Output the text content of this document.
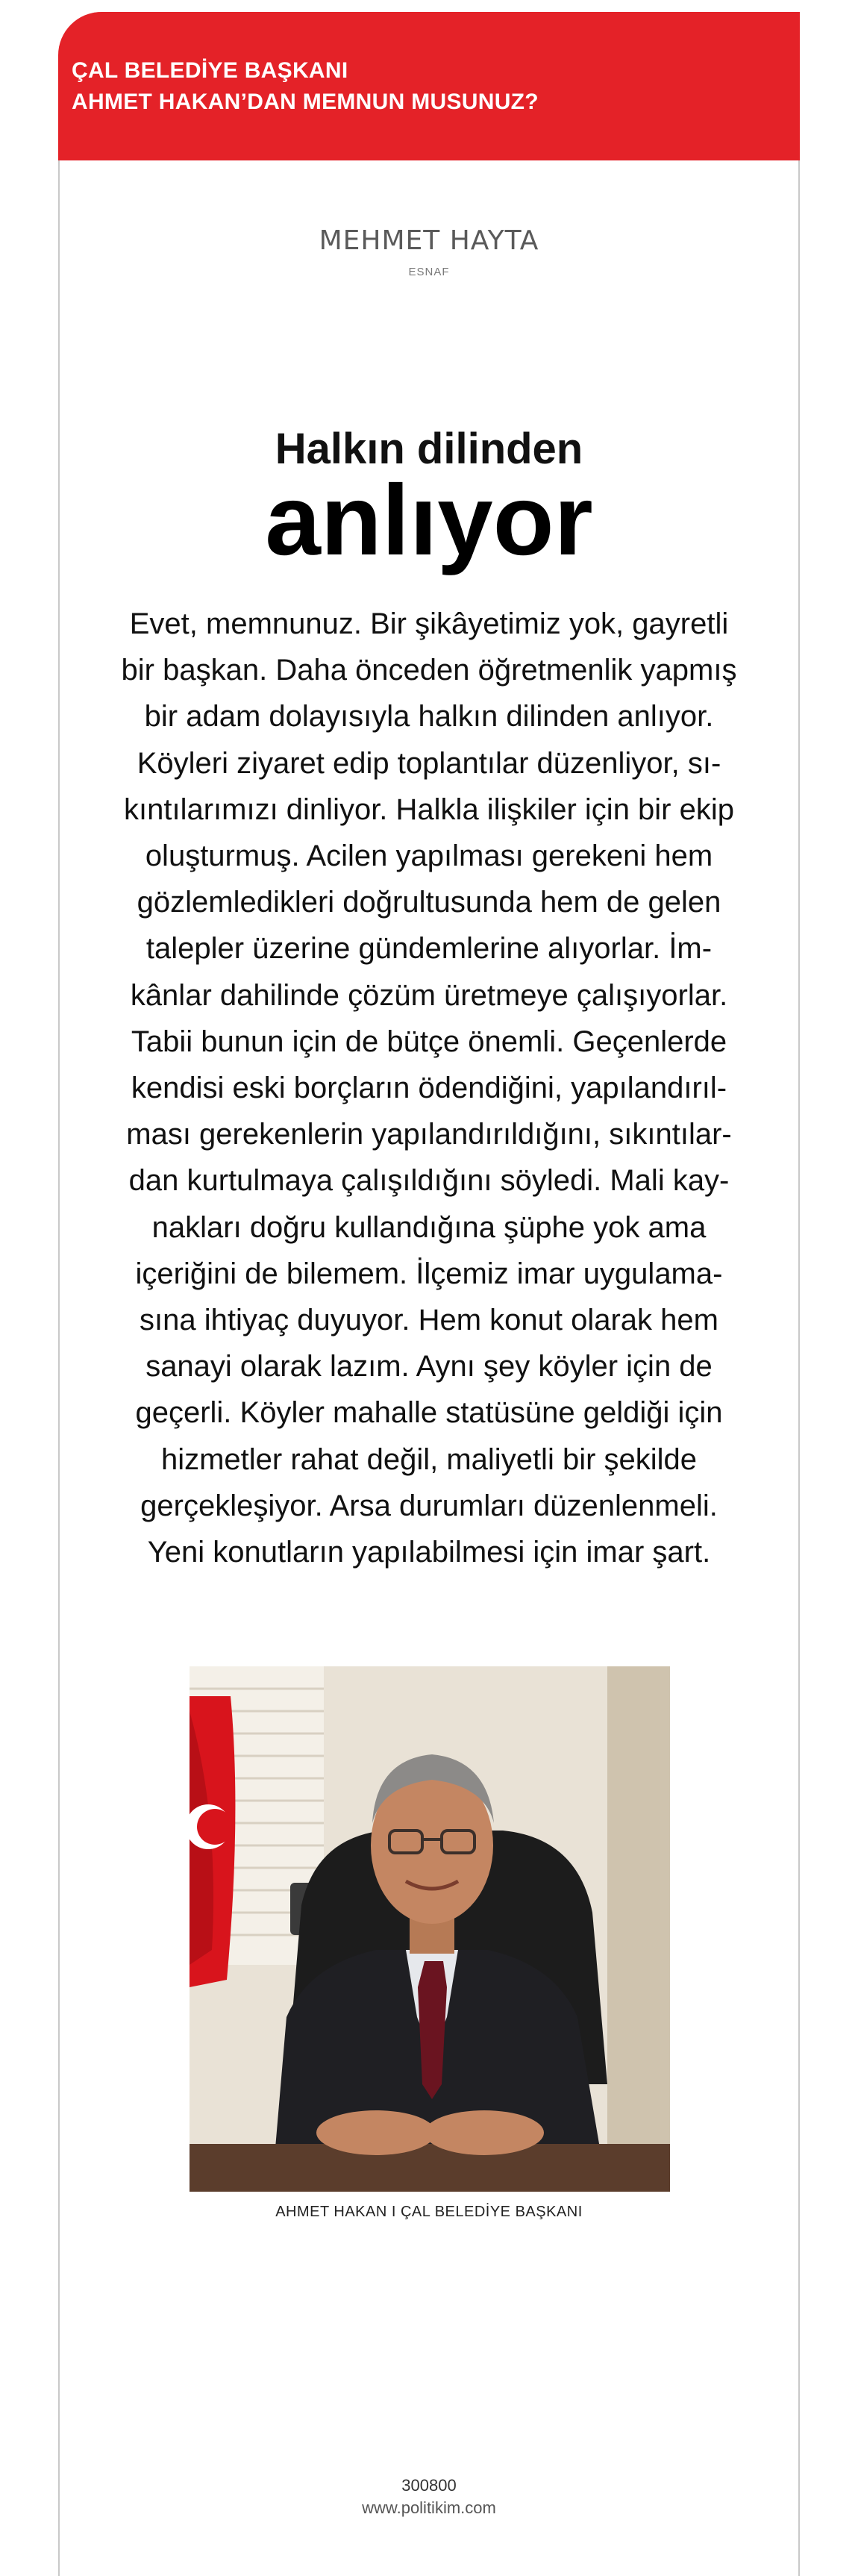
ÇAL BELEDİYE BAŞKANI
AHMET HAKAN’DAN MEMNUN MUSUNUZ?
MEHMET HAYTA
ESNAF
Halkın dilinden
anlıyor
Evet, memnunuz. Bir şikâyetimiz yok, gayretli
bir başkan. Daha önceden öğretmenlik yapmış
bir adam dolayısıyla halkın dilinden anlıyor.
Köyleri ziyaret edip toplantılar düzenliyor, sı-
kıntılarımızı dinliyor. Halkla ilişkiler için bir ekip
oluşturmuş. Acilen yapılması gerekeni hem
gözlemledikleri doğrultusunda hem de gelen
talepler üzerine gündemlerine alıyorlar. İm-
kânlar dahilinde çözüm üretmeye çalışıyorlar.
Tabii bunun için de bütçe önemli. Geçenlerde
kendisi eski borçların ödendiğini, yapılandırıl-
ması gerekenlerin yapılandırıldığını, sıkıntılar-
dan kurtulmaya çalışıldığını söyledi. Mali kay-
nakları doğru kullandığına şüphe yok ama
içeriğini de bilemem. İlçemiz imar uygulama-
sına ihtiyaç duyuyor. Hem konut olarak hem
sanayi olarak lazım. Aynı şey köyler için de
geçerli. Köyler mahalle statüsüne geldiği için
hizmetler rahat değil, maliyetli bir şekilde
gerçekleşiyor. Arsa durumları düzenlenmeli.
Yeni konutların yapılabilmesi için imar şart.
AHMET HAKAN I ÇAL BELEDİYE BAŞKANI
300800
www.politikim.com
